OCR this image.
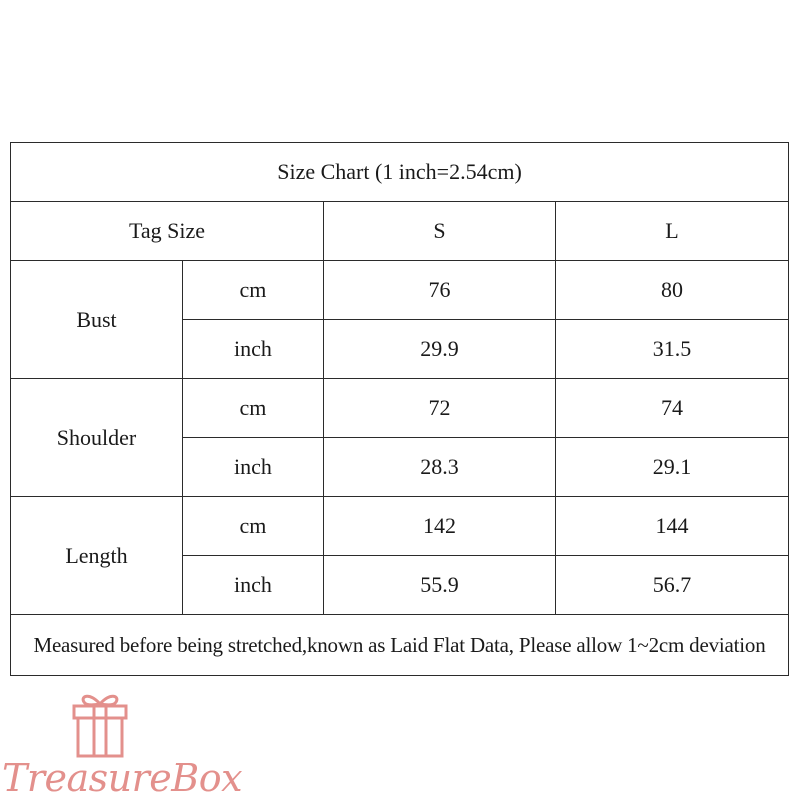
Size Chart (1 inch=2.54cm)			
Tag Size		S	L
Bust	cm	76	80
	inch	29.9	31.5
Shoulder	cm	72	74
	inch	28.3	29.1
Length	cm	142	144
	inch	55.9	56.7
Measured before being stretched,known as Laid Flat Data, Please allow 1~2cm deviation			
TreasureBox
